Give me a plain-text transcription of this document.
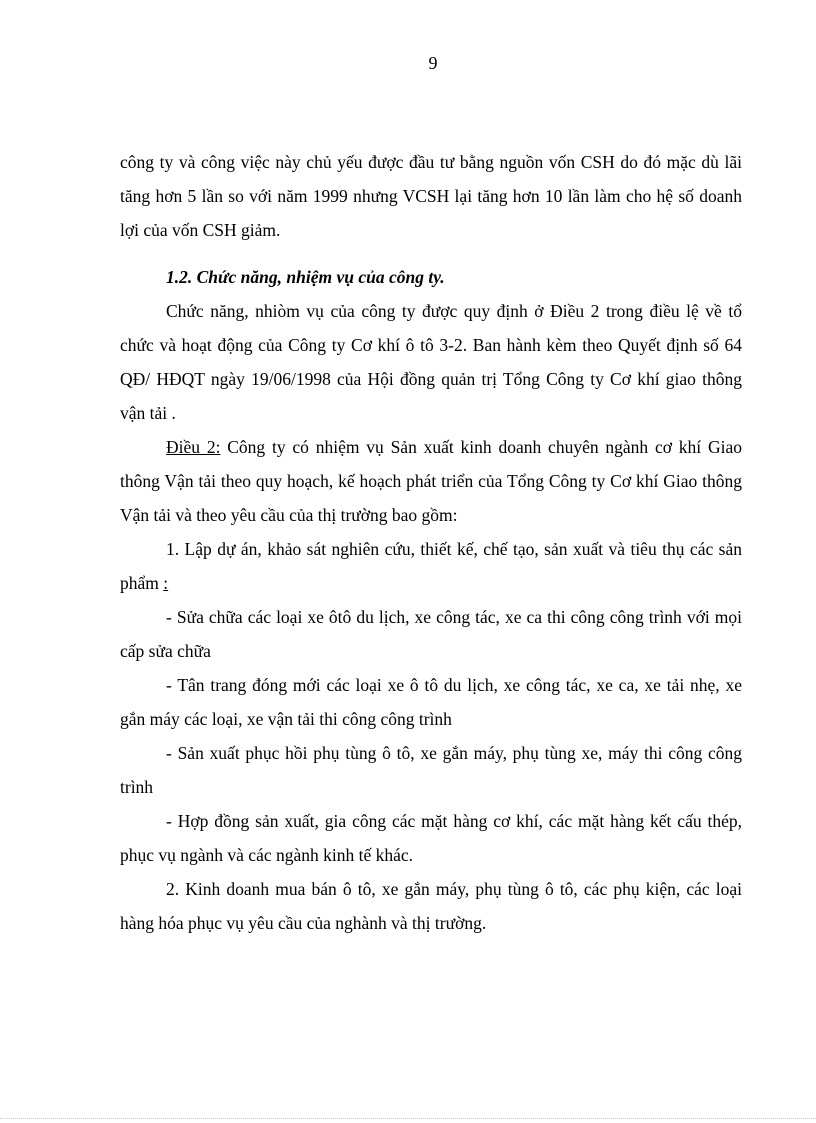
9

công ty và công việc này chủ yếu được đầu tư bằng nguồn vốn CSH do đó mặc dù lãi tăng hơn 5 lần so với năm 1999 nhưng VCSH lại tăng hơn 10 lần làm cho hệ số doanh lợi của vốn CSH giảm.

1.2. Chức năng, nhiệm vụ của công ty.

Chức năng, nhiòm vụ của công ty được quy định ở Điều 2 trong điều lệ về tổ chức và hoạt động của Công ty Cơ khí ô tô 3-2. Ban hành kèm theo Quyết định số 64 QĐ/ HĐQT ngày 19/06/1998 của Hội đồng quản trị Tổng Công ty Cơ khí giao thông vận tải .

Điều 2: Công ty có nhiệm vụ Sản xuất kinh doanh chuyên ngành cơ khí Giao thông Vận tải theo quy hoạch, kế hoạch phát triển của Tổng Công ty Cơ khí Giao thông Vận tải và theo yêu cầu của thị trường bao gồm:

1. Lập dự án, khảo sát nghiên cứu, thiết kế, chế tạo, sản xuất và tiêu thụ các sản phẩm :

- Sửa chữa các loại xe ôtô du lịch, xe công tác, xe ca thi công công trình với mọi cấp sửa chữa

- Tân trang đóng mới các loại xe ô tô du lịch, xe công tác, xe ca, xe tải nhẹ, xe gắn máy các loại, xe vận tải thi công công trình

- Sản xuất phục hồi phụ tùng ô tô, xe gắn máy, phụ tùng xe, máy thi công công trình

- Hợp đồng sản xuất, gia công các mặt hàng cơ khí, các mặt hàng kết cấu thép, phục vụ ngành và các ngành kinh tế khác.

2. Kinh doanh mua bán ô tô, xe gắn máy, phụ tùng ô tô, các phụ kiện, các loại hàng hóa phục vụ yêu cầu của nghành và thị trường.
